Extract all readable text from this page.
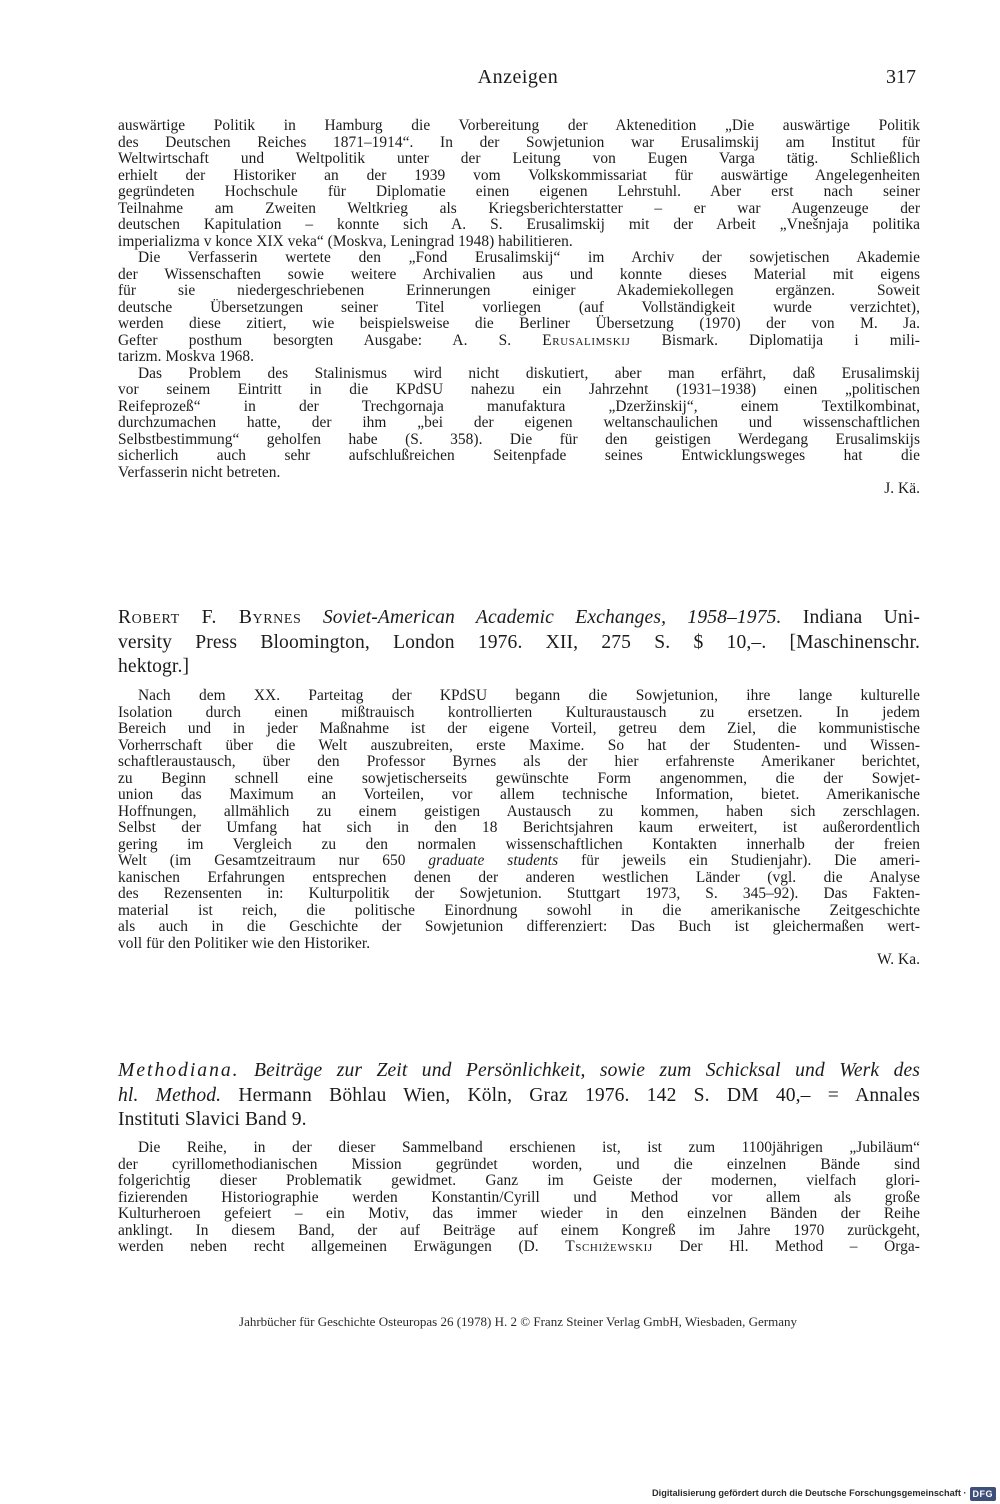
Anzeigen	317
auswärtige Politik in Hamburg die Vorbereitung der Aktenedition „Die auswärtige Politik
des Deutschen Reiches 1871–1914“. In der Sowjetunion war Erusalimskij am Institut für
Weltwirtschaft und Weltpolitik unter der Leitung von Eugen Varga tätig. Schließlich
erhielt der Historiker an der 1939 vom Volkskommissariat für auswärtige Angelegenheiten
gegründeten Hochschule für Diplomatie einen eigenen Lehrstuhl. Aber erst nach seiner
Teilnahme am Zweiten Weltkrieg als Kriegsberichterstatter – er war Augenzeuge der
deutschen Kapitulation – konnte sich A. S. Erusalimskij mit der Arbeit „Vnešnjaja politika
imperializma v konce XIX veka“ (Moskva, Leningrad 1948) habilitieren.
Die Verfasserin wertete den „Fond Erusalimskij“ im Archiv der sowjetischen Akademie
der Wissenschaften sowie weitere Archivalien aus und konnte dieses Material mit eigens
für sie niedergeschriebenen Erinnerungen einiger Akademiekollegen ergänzen. Soweit
deutsche Übersetzungen seiner Titel vorliegen (auf Vollständigkeit wurde verzichtet),
werden diese zitiert, wie beispielsweise die Berliner Übersetzung (1970) der von M. Ja.
Gefter posthum besorgten Ausgabe: A. S. Erusalimskij Bismark. Diplomatija i mili-
tarizm. Moskva 1968.
Das Problem des Stalinismus wird nicht diskutiert, aber man erfährt, daß Erusalimskij
vor seinem Eintritt in die KPdSU nahezu ein Jahrzehnt (1931–1938) einen „politischen
Reifeprozeß“ in der Trechgornaja manufaktura „Dzeržinskij“, einem Textilkombinat,
durchzumachen hatte, der ihm „bei der eigenen weltanschaulichen und wissenschaftlichen
Selbstbestimmung“ geholfen habe (S. 358). Die für den geistigen Werdegang Erusalimskijs
sicherlich auch sehr aufschlußreichen Seitenpfade seines Entwicklungsweges hat die
Verfasserin nicht betreten.
J. Kä.
Robert F. Byrnes Soviet-American Academic Exchanges, 1958–1975. Indiana Uni-
versity Press Bloomington, London 1976. XII, 275 S. $ 10,–. [Maschinenschr.
hektogr.]
Nach dem XX. Parteitag der KPdSU begann die Sowjetunion, ihre lange kulturelle
Isolation durch einen mißtrauisch kontrollierten Kulturaustausch zu ersetzen. In jedem
Bereich und in jeder Maßnahme ist der eigene Vorteil, getreu dem Ziel, die kommunistische
Vorherrschaft über die Welt auszubreiten, erste Maxime. So hat der Studenten- und Wissen-
schaftleraustausch, über den Professor Byrnes als der hier erfahrenste Amerikaner berichtet,
zu Beginn schnell eine sowjetischerseits gewünschte Form angenommen, die der Sowjet-
union das Maximum an Vorteilen, vor allem technische Information, bietet. Amerikanische
Hoffnungen, allmählich zu einem geistigen Austausch zu kommen, haben sich zerschlagen.
Selbst der Umfang hat sich in den 18 Berichtsjahren kaum erweitert, ist außerordentlich
gering im Vergleich zu den normalen wissenschaftlichen Kontakten innerhalb der freien
Welt (im Gesamtzeitraum nur 650 graduate students für jeweils ein Studienjahr). Die ameri-
kanischen Erfahrungen entsprechen denen der anderen westlichen Länder (vgl. die Analyse
des Rezensenten in: Kulturpolitik der Sowjetunion. Stuttgart 1973, S. 345–92). Das Fakten-
material ist reich, die politische Einordnung sowohl in die amerikanische Zeitgeschichte
als auch in die Geschichte der Sowjetunion differenziert: Das Buch ist gleichermaßen wert-
voll für den Politiker wie den Historiker.
W. Ka.
Methodiana. Beiträge zur Zeit und Persönlichkeit, sowie zum Schicksal und Werk des
hl. Method. Hermann Böhlau Wien, Köln, Graz 1976. 142 S. DM 40,– = Annales
Instituti Slavici Band 9.
Die Reihe, in der dieser Sammelband erschienen ist, ist zum 1100jährigen „Jubiläum“
der cyrillomethodianischen Mission gegründet worden, und die einzelnen Bände sind
folgerichtig dieser Problematik gewidmet. Ganz im Geiste der modernen, vielfach glori-
fizierenden Historiographie werden Konstantin/Cyrill und Method vor allem als große
Kulturheroen gefeiert – ein Motiv, das immer wieder in den einzelnen Bänden der Reihe
anklingt. In diesem Band, der auf Beiträge auf einem Kongreß im Jahre 1970 zurückgeht,
werden neben recht allgemeinen Erwägungen (D. Tschiżewskij Der Hl. Method – Orga-
Jahrbücher für Geschichte Osteuropas 26 (1978) H. 2 © Franz Steiner Verlag GmbH, Wiesbaden, Germany
Digitalisierung gefördert durch die Deutsche Forschungsgemeinschaft · DFG
